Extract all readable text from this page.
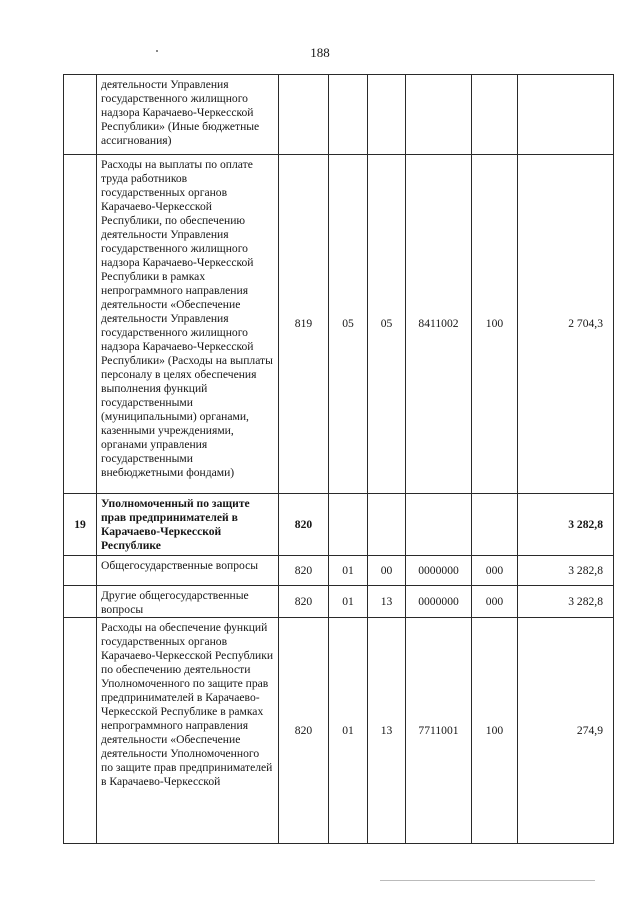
188
	деятельности Управления государственного жилищного надзора Карачаево-Черкесской Республики» (Иные бюджетные ассигнования)						
	Расходы на выплаты по оплате труда работников государственных органов Карачаево-Черкесской Республики, по обеспечению деятельности Управления государственного жилищного надзора Карачаево-Черкесской Республики в рамках непрограммного направления деятельности «Обеспечение деятельности Управления государственного жилищного надзора Карачаево-Черкесской Республики» (Расходы на выплаты персоналу в целях обеспечения выполнения функций государственными (муниципальными) органами, казенными учреждениями, органами управления государственными внебюджетными фондами)	819	05	05	8411002	100	2 704,3
19	Уполномоченный по защите прав предпринимателей в Карачаево-Черкесской Республике	820					3 282,8
	Общегосударственные вопросы	820	01	00	0000000	000	3 282,8
	Другие общегосударственные вопросы	820	01	13	0000000	000	3 282,8
	Расходы на обеспечение функций государственных органов Карачаево-Черкесской Республики по обеспечению деятельности Уполномоченного по защите прав предпринимателей в Карачаево-Черкесской Республике в рамках непрограммного направления деятельности «Обеспечение деятельности Уполномоченного по защите прав предпринимателей в Карачаево-Черкесской	820	01	13	7711001	100	274,9
